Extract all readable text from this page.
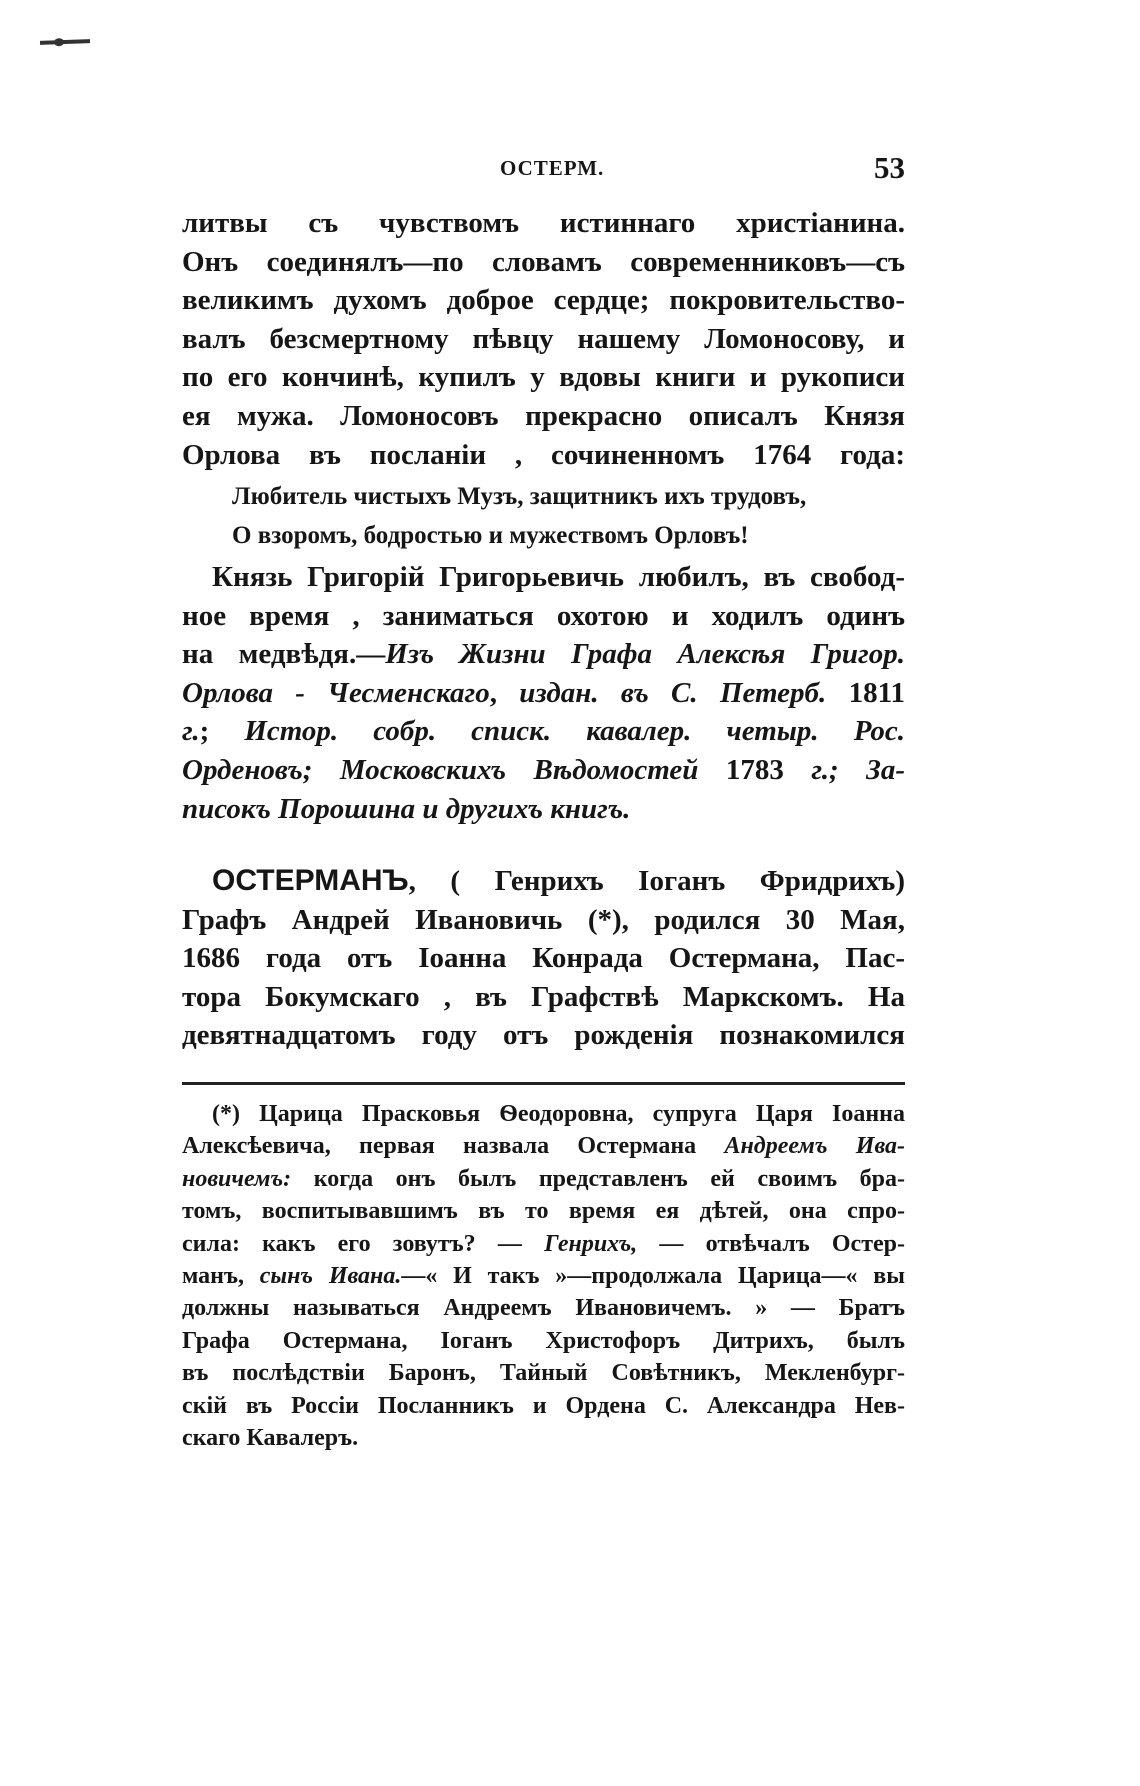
ОСТЕРМ.	53
литвы съ чувствомъ истиннаго христіанина.
Онъ соединялъ—по словамъ современниковъ—съ
великимъ духомъ доброе сердце; покровительство-
валъ безсмертному пѣвцу нашему Ломоносову, и
по его кончинѣ, купилъ у вдовы книги и рукописи
ея мужа. Ломоносовъ прекрасно описалъ Князя
Орлова въ посланіи , сочиненномъ 1764 года:
Любитель чистыхъ Музъ, защитникъ ихъ трудовъ,
О взоромъ, бодростью и мужествомъ Орловъ!
Князь Григорій Григорьевичь любилъ, въ свобод-
ное время , заниматься охотою и ходилъ одинъ
на медвѣдя.—Изъ Жизни Графа Алексѣя Григор.
Орлова - Чесменскаго, издан. въ С. Петерб. 1811
г.; Истор. собр. списк. кавалер. четыр. Рос.
Орденовъ; Московскихъ Вѣдомостей 1783 г.; За-
писокъ Порошина и другихъ книгъ.
ОСТЕРМАНЪ, ( Генрихъ Іоганъ Фридрихъ)
Графъ Андрей Ивановичь (*), родился 30 Мая,
1686 года отъ Іоанна Конрада Остермана, Пас-
тора Бокумскаго , въ Графствѣ Маркскомъ. На
девятнадцатомъ году отъ рожденія познакомился
(*) Царица Прасковья Ѳеодоровна, супруга Царя Іоанна
Алексѣевича, первая назвала Остермана Андреемъ Ива-
новичемъ: когда онъ былъ представленъ ей своимъ бра-
томъ, воспитывавшимъ въ то время ея дѣтей, она спро-
сила: какъ его зовутъ? — Генрихъ, — отвѣчалъ Остер-
манъ, сынъ Ивана.—« И такъ »—продолжала Царица—« вы
должны называться Андреемъ Ивановичемъ. » — Братъ
Графа Остермана, Іоганъ Христофоръ Дитрихъ, былъ
въ послѣдствіи Баронъ, Тайный Совѣтникъ, Мекленбург-
скій въ Россіи Посланникъ и Ордена С. Александра Нев-
скаго Кавалеръ.
